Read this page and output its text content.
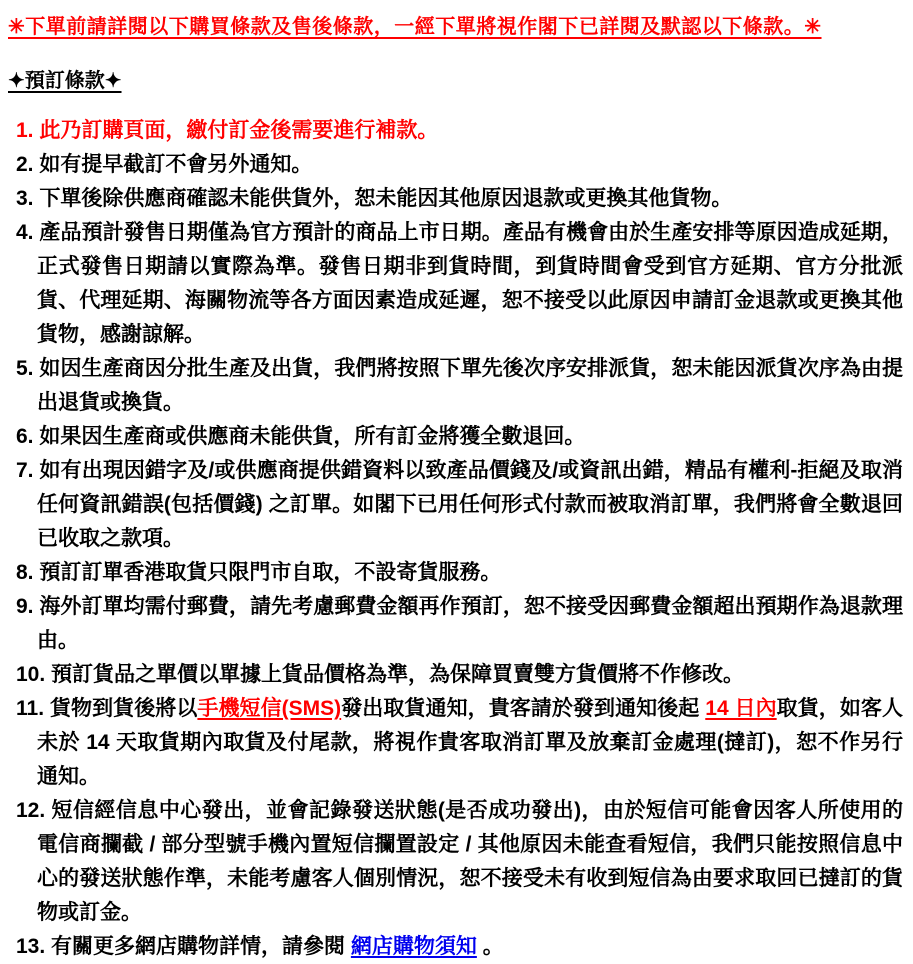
✳下單前請詳閱以下購買條款及售後條款，一經下單將視作閣下已詳閱及默認以下條款。✳

✦預訂條款✦

1. 此乃訂購頁面，繳付訂金後需要進行補款。

2. 如有提早截訂不會另外通知。

3. 下單後除供應商確認未能供貨外，恕未能因其他原因退款或更換其他貨物。

4. 產品預計發售日期僅為官方預計的商品上市日期。產品有機會由於生產安排等原因造成延期，正式發售日期請以實際為準。發售日期非到貨時間，到貨時間會受到官方延期、官方分批派貨、代理延期、海關物流等各方面因素造成延遲，恕不接受以此原因申請訂金退款或更換其他貨物，感謝諒解。

5. 如因生產商因分批生產及出貨，我們將按照下單先後次序安排派貨，恕未能因派貨次序為由提出退貨或換貨。

6. 如果因生產商或供應商未能供貨，所有訂金將獲全數退回。

7. 如有出現因錯字及/或供應商提供錯資料以致產品價錢及/或資訊出錯，精品有權利-拒絕及取消任何資訊錯誤(包括價錢) 之訂單。如閣下已用任何形式付款而被取消訂單，我們將會全數退回已收取之款項。

8. 預訂訂單香港取貨只限門市自取，不設寄貨服務。

9. 海外訂單均需付郵費，請先考慮郵費金額再作預訂，恕不接受因郵費金額超出預期作為退款理由。

10. 預訂貨品之單價以單據上貨品價格為準，為保障買賣雙方貨價將不作修改。

11. 貨物到貨後將以手機短信(SMS)發出取貨通知，貴客請於發到通知後起 14 日內取貨，如客人未於 14 天取貨期內取貨及付尾款，將視作貴客取消訂單及放棄訂金處理(撻訂)，恕不作另行通知。

12. 短信經信息中心發出，並會記錄發送狀態(是否成功發出)，由於短信可能會因客人所使用的電信商攔截 / 部分型號手機內置短信攔置設定 / 其他原因未能查看短信，我們只能按照信息中心的發送狀態作準，未能考慮客人個別情況，恕不接受未有收到短信為由要求取回已撻訂的貨物或訂金。

13. 有關更多網店購物詳情，請參閱 網店購物須知 。
